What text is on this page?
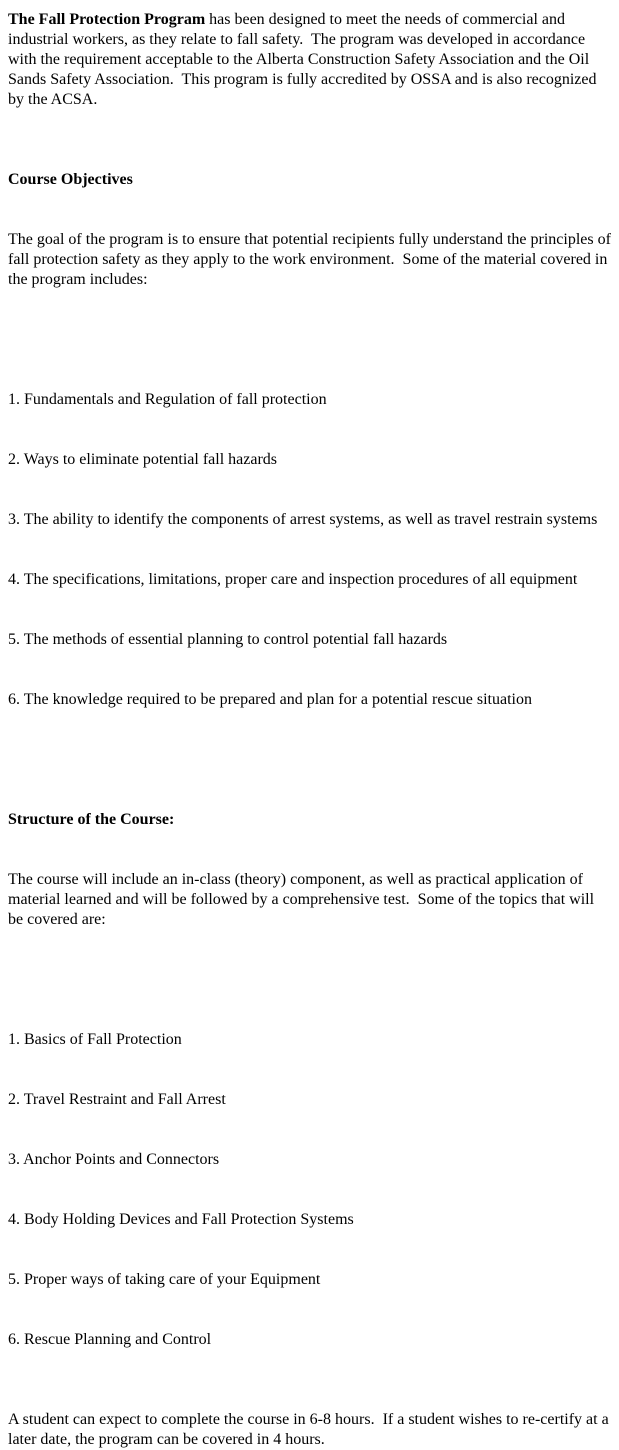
The Fall Protection Program has been designed to meet the needs of commercial and industrial workers, as they relate to fall safety.  The program was developed in accordance with the requirement acceptable to the Alberta Construction Safety Association and the Oil Sands Safety Association.  This program is fully accredited by OSSA and is also recognized by the ACSA.

Course Objectives

The goal of the program is to ensure that potential recipients fully understand the principles of fall protection safety as they apply to the work environment.  Some of the material covered in the program includes:

1. Fundamentals and Regulation of fall protection

2. Ways to eliminate potential fall hazards

3. The ability to identify the components of arrest systems, as well as travel restrain systems

4. The specifications, limitations, proper care and inspection procedures of all equipment

5. The methods of essential planning to control potential fall hazards

6. The knowledge required to be prepared and plan for a potential rescue situation

Structure of the Course:

The course will include an in-class (theory) component, as well as practical application of material learned and will be followed by a comprehensive test.  Some of the topics that will be covered are:

1. Basics of Fall Protection

2. Travel Restraint and Fall Arrest

3. Anchor Points and Connectors

4. Body Holding Devices and Fall Protection Systems

5. Proper ways of taking care of your Equipment

6. Rescue Planning and Control

A student can expect to complete the course in 6-8 hours.  If a student wishes to re-certify at a later date, the program can be covered in 4 hours.
